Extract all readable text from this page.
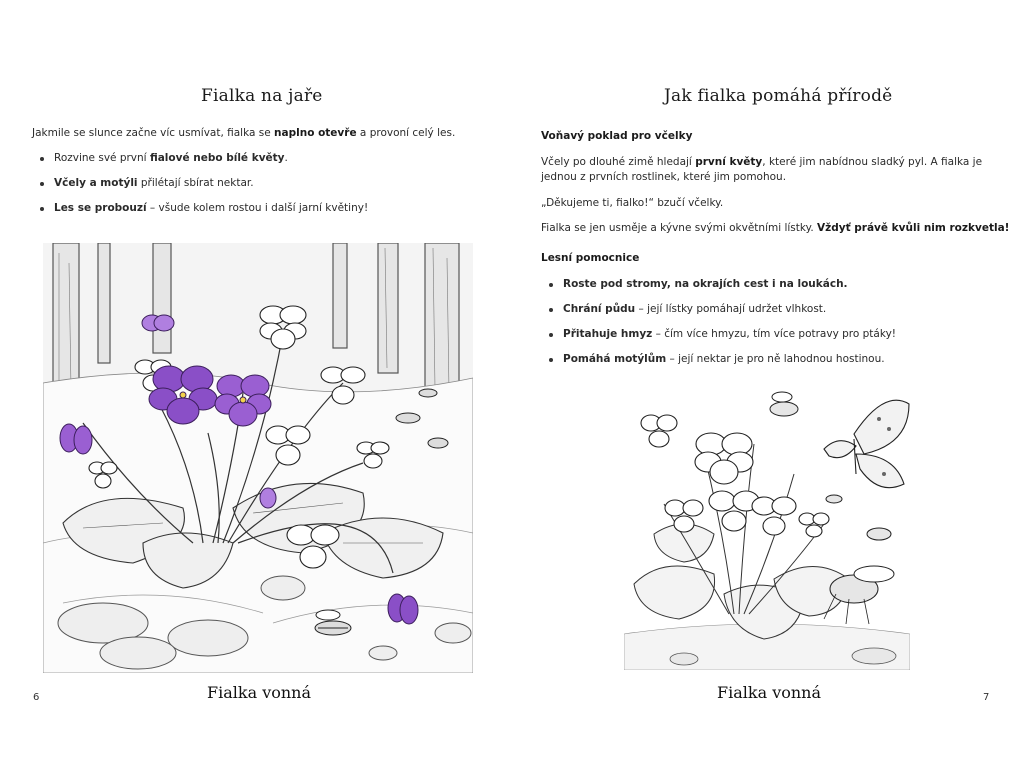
Fialka na jaře
Jakmile se slunce začne víc usmívat, fialka se naplno otevře a provoní celý les.
Rozvine své první fialové nebo bílé květy.
Včely a motýli přilétají sbírat nektar.
Les se probouzí – všude kolem rostou i další jarní květiny!
Fialka vonná
6
Jak fialka pomáhá přírodě
Voňavý poklad pro včelky
Včely po dlouhé zimě hledají první květy, které jim nabídnou sladký pyl. A fialka je jednou z prvních rostlinek, které jim pomohou.
„Děkujeme ti, fialko!“ bzučí včelky.
Fialka se jen usměje a kývne svými okvětními lístky. Vždyť právě kvůli nim rozkvetla!
Lesní pomocnice
Roste pod stromy, na okrajích cest i na loukách.
Chrání půdu – její lístky pomáhají udržet vlhkost.
Přitahuje hmyz – čím více hmyzu, tím více potravy pro ptáky!
Pomáhá motýlům – její nektar je pro ně lahodnou hostinou.
Fialka vonná	7
